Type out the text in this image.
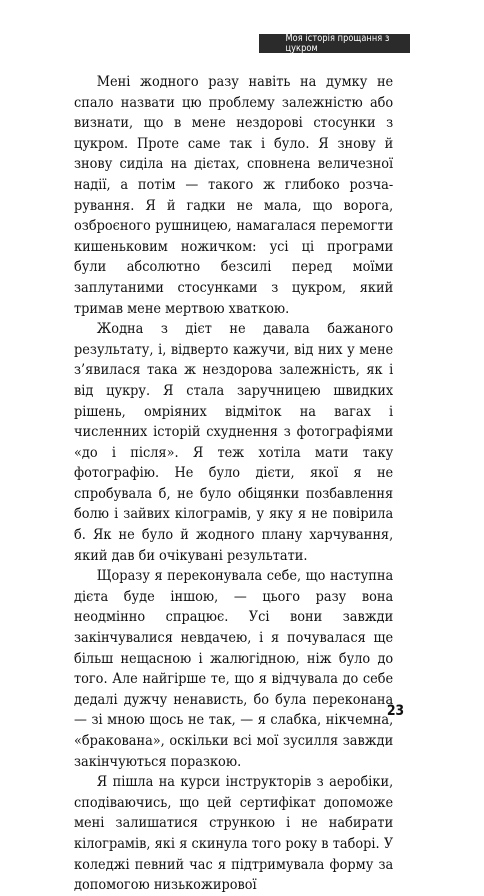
Моя історія прощання з цукром

Мені жодного разу навіть на думку не спало назвати цю проблему залежністю або визнати, що в мене нездорові стосунки з цукром. Проте саме так і було. Я знову й знову сиділа на дієтах, сповнена величезної надії, а потім — такого ж глибоко розчарування. Я й гадки не мала, що ворога, озброєного рушницею, намагалася перемогти кишеньковим ножичком: усі ці програми були абсолютно безсилі перед моїми заплутаними стосунками з цукром, який тримав мене мертвою хваткою.

Жодна з дієт не давала бажаного результату, і, відверто кажучи, від них у мене з’явилася така ж нездорова залежність, як і від цукру. Я стала заручницею швидких рішень, омріяних відміток на вагах і численних історій схуднення з фотографіями «до і після». Я теж хотіла мати таку фотографію. Не було дієти, якої я не спробувала б, не було обіцянки позбавлення болю і зайвих кілограмів, у яку я не повірила б. Як не було й жодного плану харчування, який дав би очікувані результати.

Щоразу я переконувала себе, що наступна дієта буде іншою, — цього разу вона неодмінно спрацює. Усі вони завжди закінчувалися невдачею, і я почувалася ще більш нещасною і жалюгідною, ніж було до того. Але найгірше те, що я відчувала до себе дедалі дужчу ненависть, бо була переконана — зі мною щось не так, — я слабка, нікчемна, «бракована», оскільки всі мої зусилля завжди закінчуються поразкою.

Я пішла на курси інструкторів з аеробіки, сподіваючись, що цей сертифікат допоможе мені залишатися стрункою і не набирати кілограмів, які я скинула того року в таборі. У коледжі певний час я підтримувала форму за допомогою низькожирової

23
